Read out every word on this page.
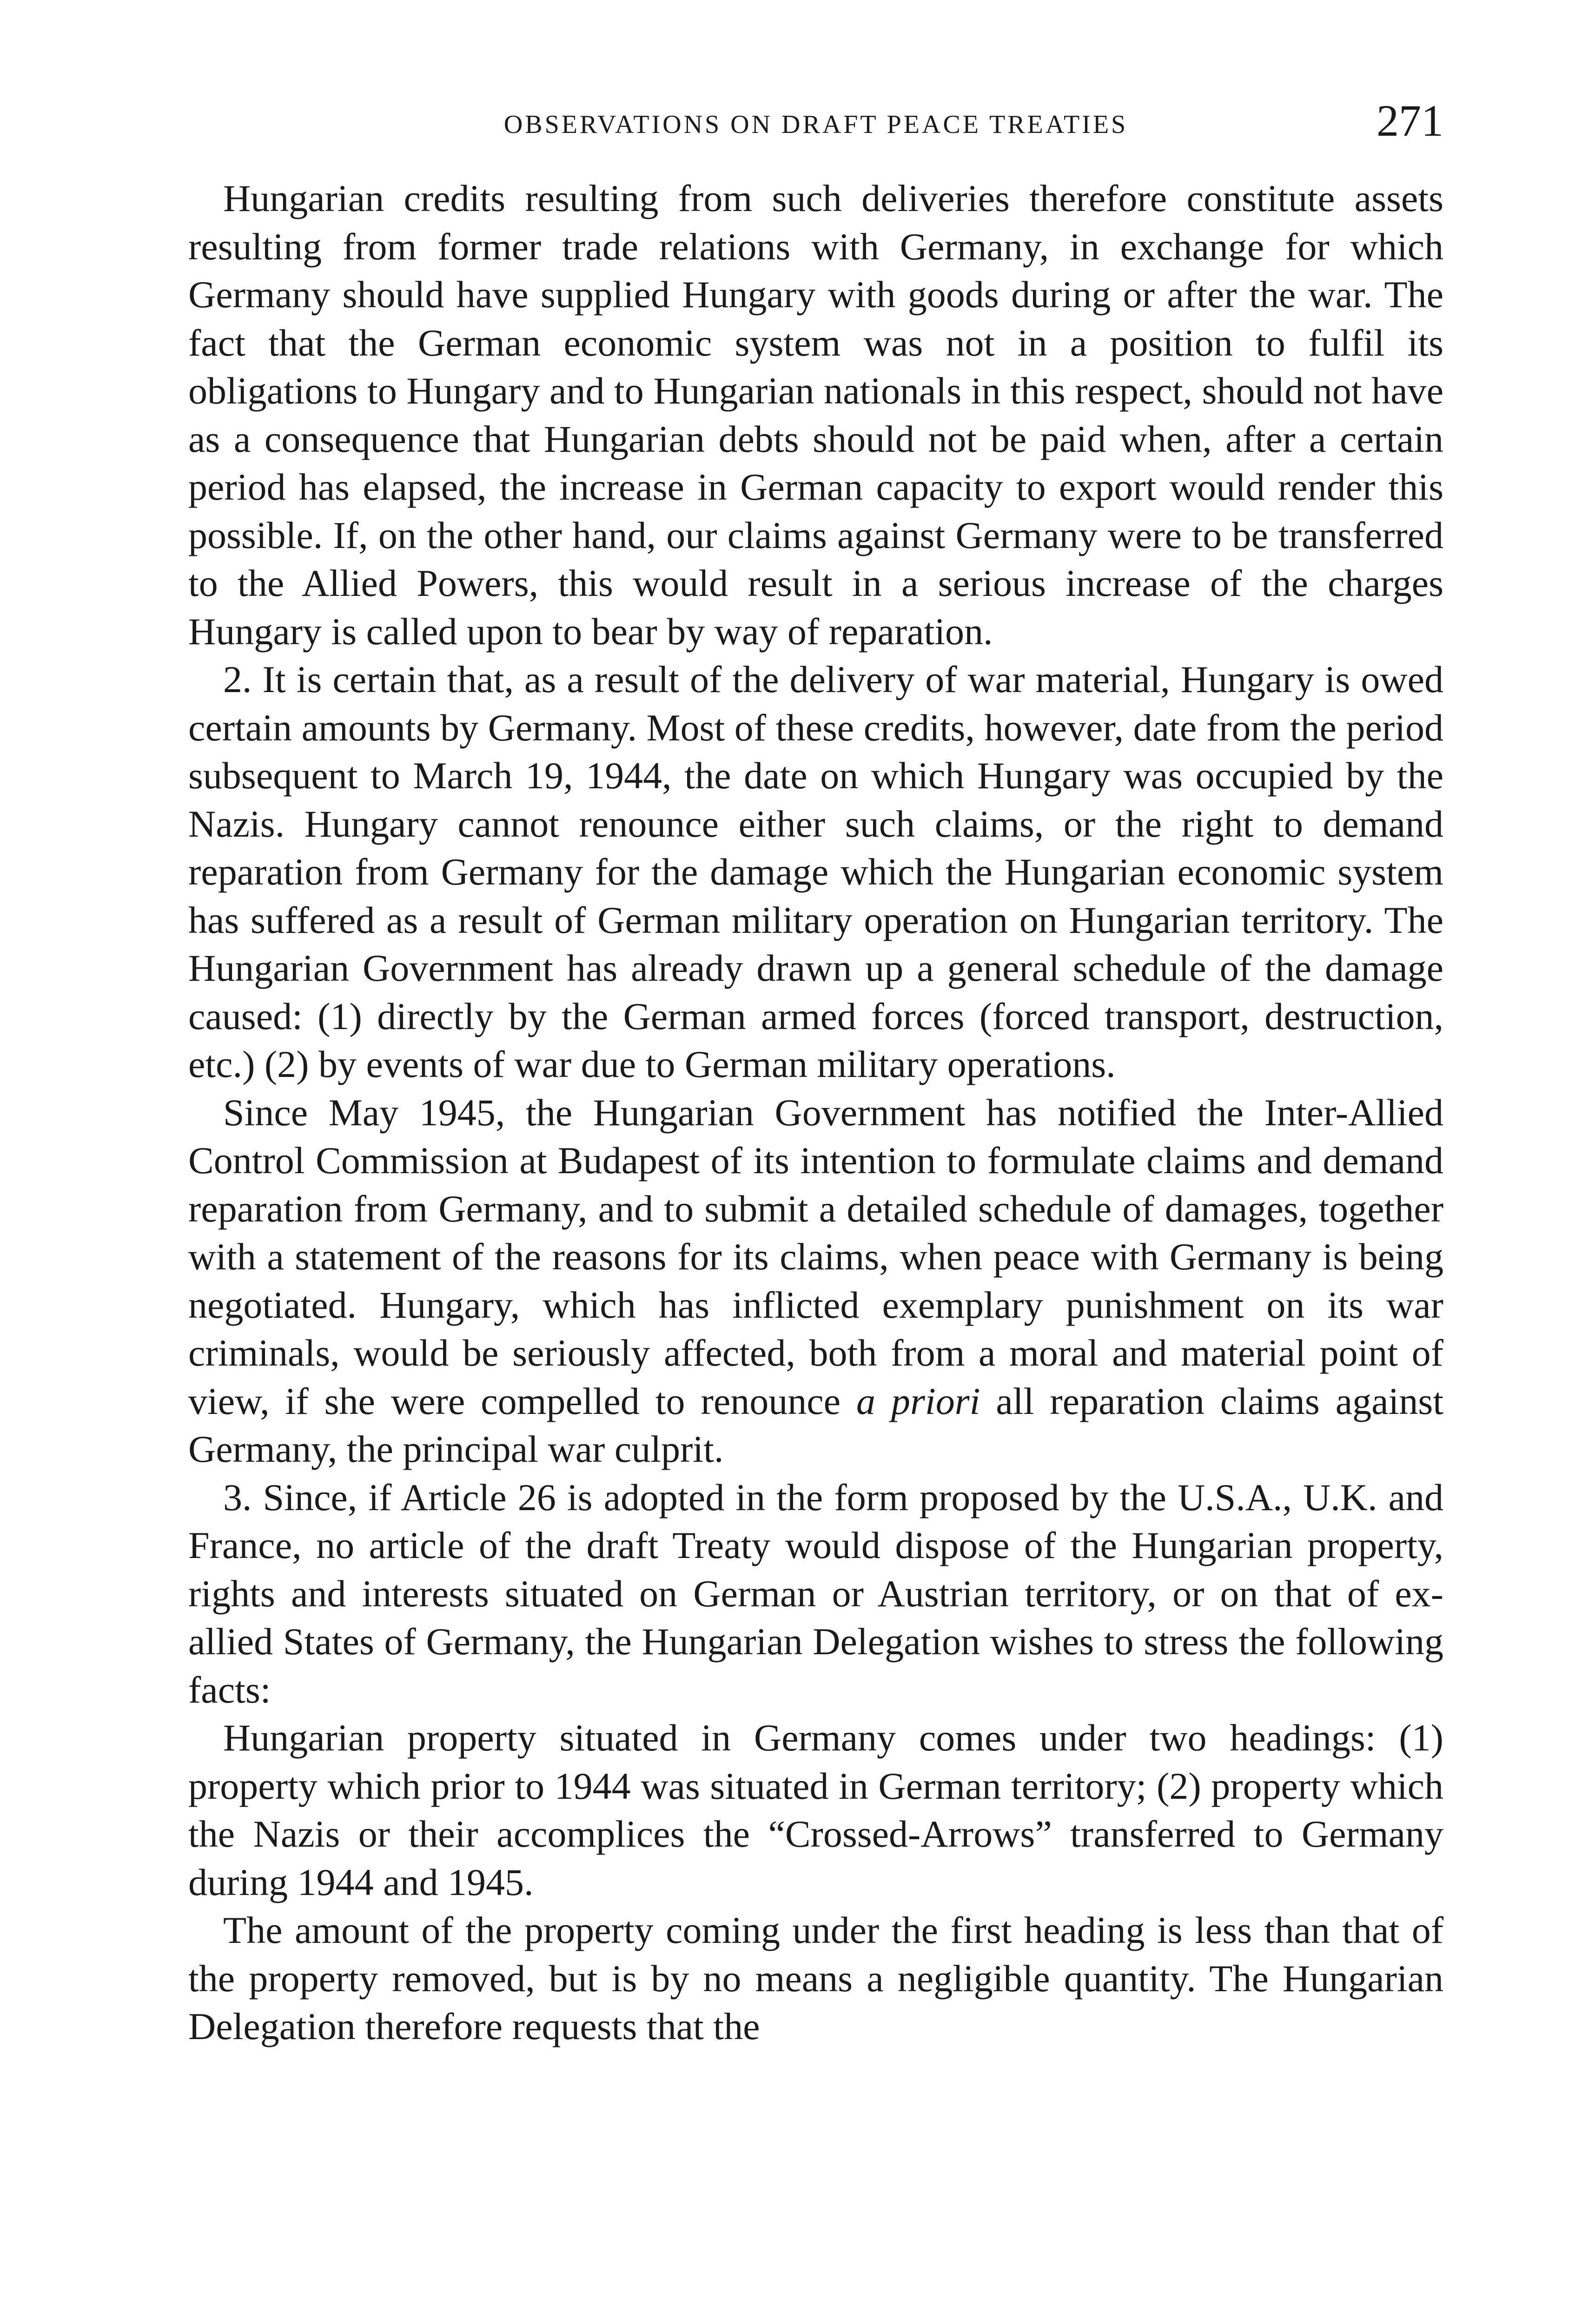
OBSERVATIONS ON DRAFT PEACE TREATIES	271

Hungarian credits resulting from such deliveries therefore constitute assets resulting from former trade relations with Germany, in exchange for which Germany should have supplied Hungary with goods during or after the war. The fact that the German economic system was not in a position to fulfil its obligations to Hungary and to Hungarian nationals in this respect, should not have as a consequence that Hungarian debts should not be paid when, after a certain period has elapsed, the increase in German capacity to export would render this possible. If, on the other hand, our claims against Germany were to be transferred to the Allied Powers, this would result in a serious increase of the charges Hungary is called upon to bear by way of reparation.

2. It is certain that, as a result of the delivery of war material, Hungary is owed certain amounts by Germany. Most of these credits, however, date from the period subsequent to March 19, 1944, the date on which Hungary was occupied by the Nazis. Hungary cannot renounce either such claims, or the right to demand reparation from Germany for the damage which the Hungarian economic system has suffered as a result of German military operation on Hungarian territory. The Hungarian Government has already drawn up a general schedule of the damage caused: (1) directly by the German armed forces (forced transport, destruction, etc.) (2) by events of war due to German military operations.

Since May 1945, the Hungarian Government has notified the Inter-Allied Control Commission at Budapest of its intention to formulate claims and demand reparation from Germany, and to submit a detailed schedule of damages, together with a statement of the reasons for its claims, when peace with Germany is being negotiated. Hungary, which has inflicted exemplary punishment on its war criminals, would be seriously affected, both from a moral and material point of view, if she were compelled to renounce a priori all reparation claims against Germany, the principal war culprit.

3. Since, if Article 26 is adopted in the form proposed by the U.S.A., U.K. and France, no article of the draft Treaty would dispose of the Hungarian property, rights and interests situated on German or Austrian territory, or on that of ex-allied States of Germany, the Hungarian Delegation wishes to stress the following facts:

Hungarian property situated in Germany comes under two headings: (1) property which prior to 1944 was situated in German territory; (2) property which the Nazis or their accomplices the “Crossed-Arrows” transferred to Germany during 1944 and 1945.

The amount of the property coming under the first heading is less than that of the property removed, but is by no means a negligible quantity. The Hungarian Delegation therefore requests that the
